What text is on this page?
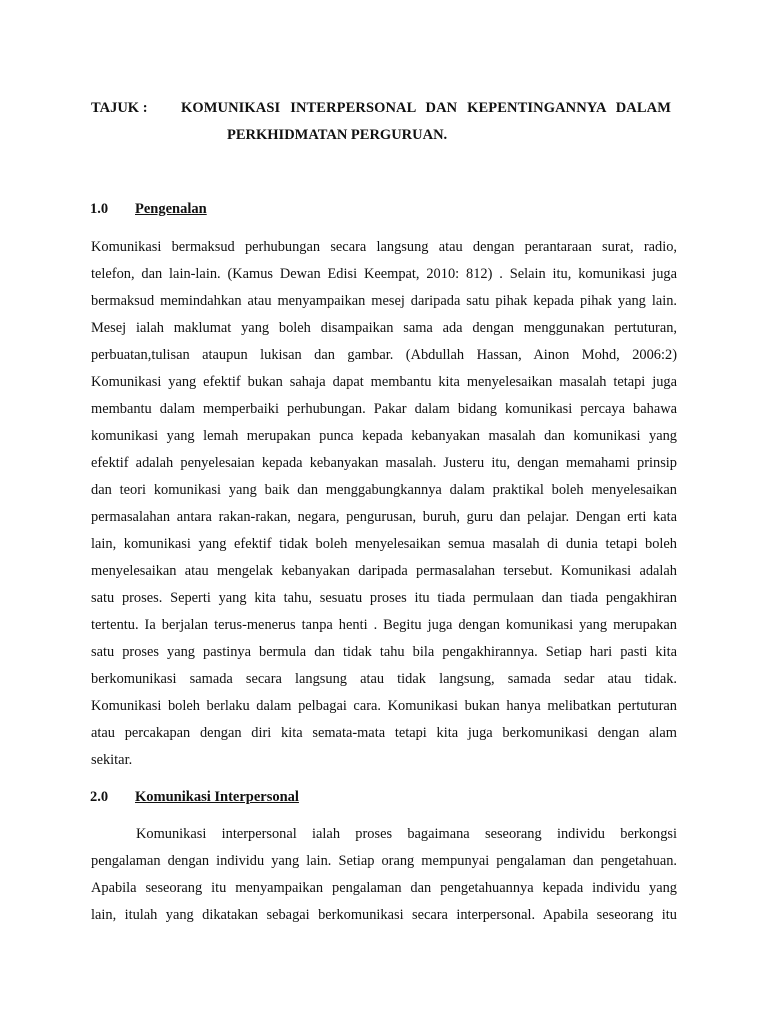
TAJUK : KOMUNIKASI INTERPERSONAL DAN KEPENTINGANNYA DALAM
PERKHIDMATAN PERGURUAN.
1.0 Pengenalan
Komunikasi bermaksud perhubungan secara langsung atau dengan perantaraan surat, radio,
telefon, dan lain-lain. (Kamus Dewan Edisi Keempat, 2010: 812) . Selain itu, komunikasi juga
bermaksud memindahkan atau menyampaikan mesej daripada satu pihak kepada pihak yang lain.
Mesej ialah maklumat yang boleh disampaikan sama ada dengan menggunakan pertuturan,
perbuatan,tulisan ataupun lukisan dan gambar. (Abdullah Hassan, Ainon Mohd, 2006:2)
Komunikasi yang efektif bukan sahaja dapat membantu kita menyelesaikan masalah tetapi juga
membantu dalam memperbaiki perhubungan. Pakar dalam bidang komunikasi percaya bahawa
komunikasi yang lemah merupakan punca kepada kebanyakan masalah dan komunikasi yang
efektif adalah penyelesaian kepada kebanyakan masalah. Justeru itu, dengan memahami prinsip
dan teori komunikasi yang baik dan menggabungkannya dalam praktikal boleh menyelesaikan
permasalahan antara rakan-rakan, negara, pengurusan, buruh, guru dan pelajar. Dengan erti kata
lain, komunikasi yang efektif tidak boleh menyelesaikan semua masalah di dunia tetapi boleh
menyelesaikan atau mengelak kebanyakan daripada permasalahan tersebut. Komunikasi adalah
satu proses. Seperti yang kita tahu, sesuatu proses itu tiada permulaan dan tiada pengakhiran
tertentu. Ia berjalan terus-menerus tanpa henti . Begitu juga dengan komunikasi yang merupakan
satu proses yang pastinya bermula dan tidak tahu bila pengakhirannya. Setiap hari pasti kita
berkomunikasi samada secara langsung atau tidak langsung, samada sedar atau tidak.
Komunikasi boleh berlaku dalam pelbagai cara. Komunikasi bukan hanya melibatkan pertuturan
atau percakapan dengan diri kita semata-mata tetapi kita juga berkomunikasi dengan alam
sekitar.
2.0 Komunikasi Interpersonal
Komunikasi interpersonal ialah proses bagaimana seseorang individu berkongsi
pengalaman dengan individu yang lain. Setiap orang mempunyai pengalaman dan pengetahuan.
Apabila seseorang itu menyampaikan pengalaman dan pengetahuannya kepada individu yang
lain, itulah yang dikatakan sebagai berkomunikasi secara interpersonal. Apabila seseorang itu
